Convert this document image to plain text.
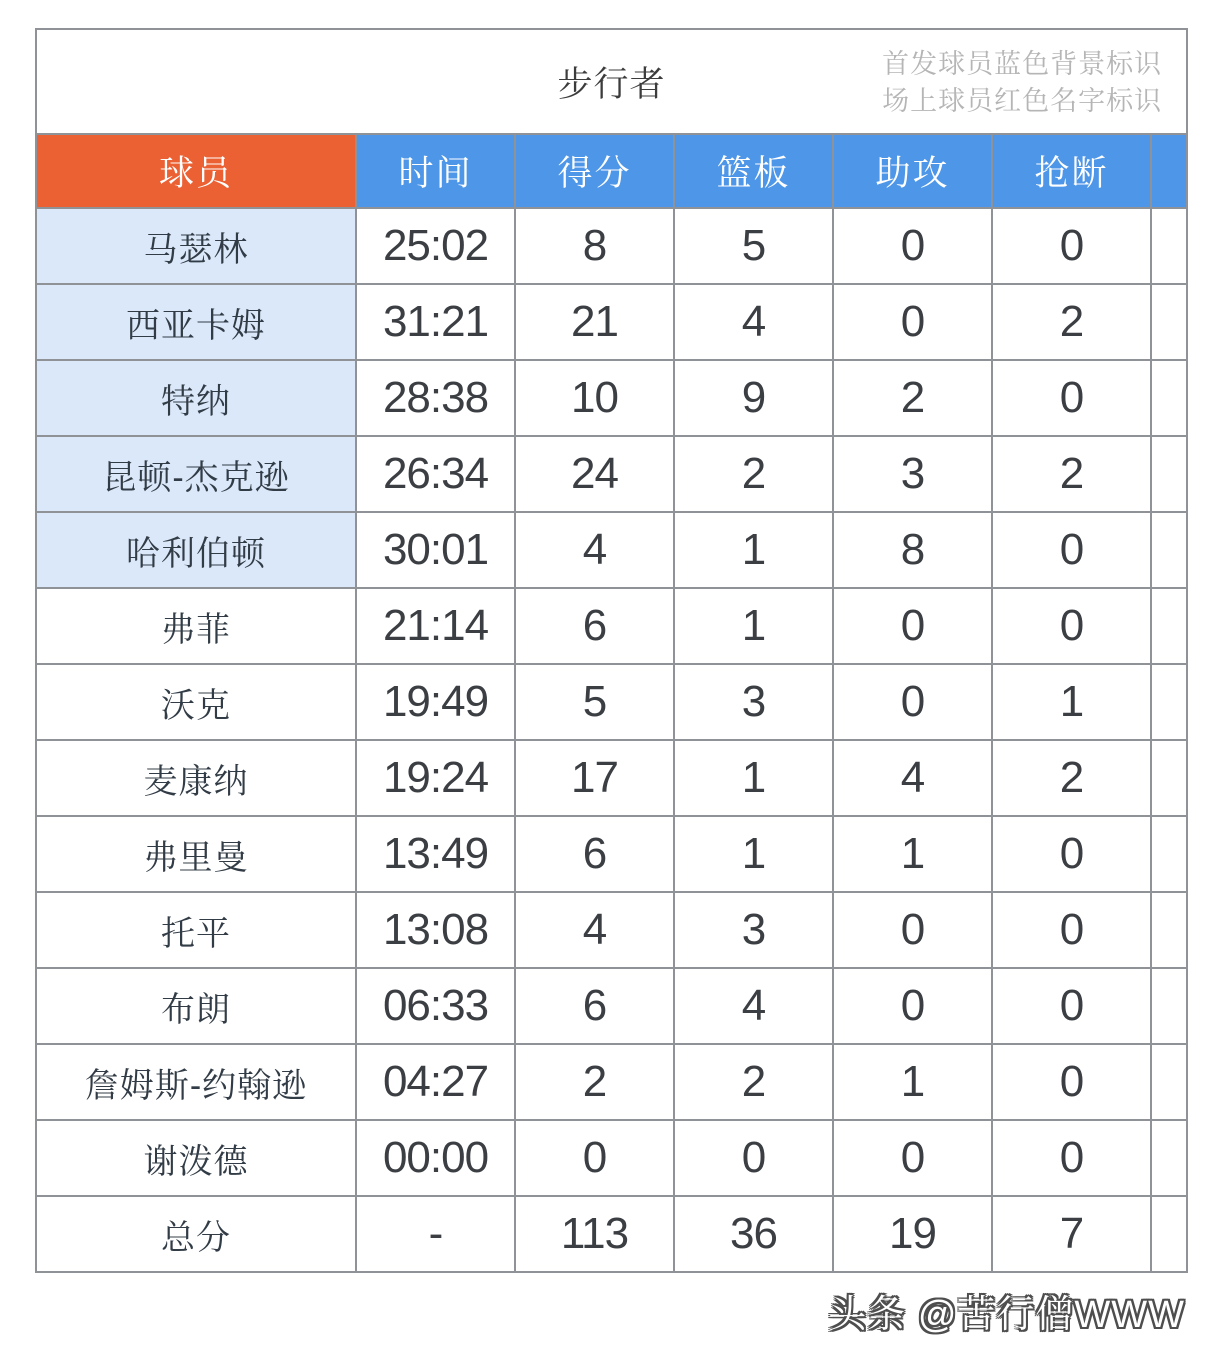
步行者
首发球员蓝色背景标识
场上球员红色名字标识						

球员	时间	得分	篮板	助攻	抢断	
马瑟林	25:02	8	5	0	0	
西亚卡姆	31:21	21	4	0	2	
特纳	28:38	10	9	2	0	
昆顿-杰克逊	26:34	24	2	3	2	
哈利伯顿	30:01	4	1	8	0	
弗菲	21:14	6	1	0	0	
沃克	19:49	5	3	0	1	
麦康纳	19:24	17	1	4	2	
弗里曼	13:49	6	1	1	0	
托平	13:08	4	3	0	0	
布朗	06:33	6	4	0	0	
詹姆斯-约翰逊	04:27	2	2	1	0	
谢泼德	00:00	0	0	0	0	
总分	-	113	36	19	7	
头条 @苦行僧WWW
